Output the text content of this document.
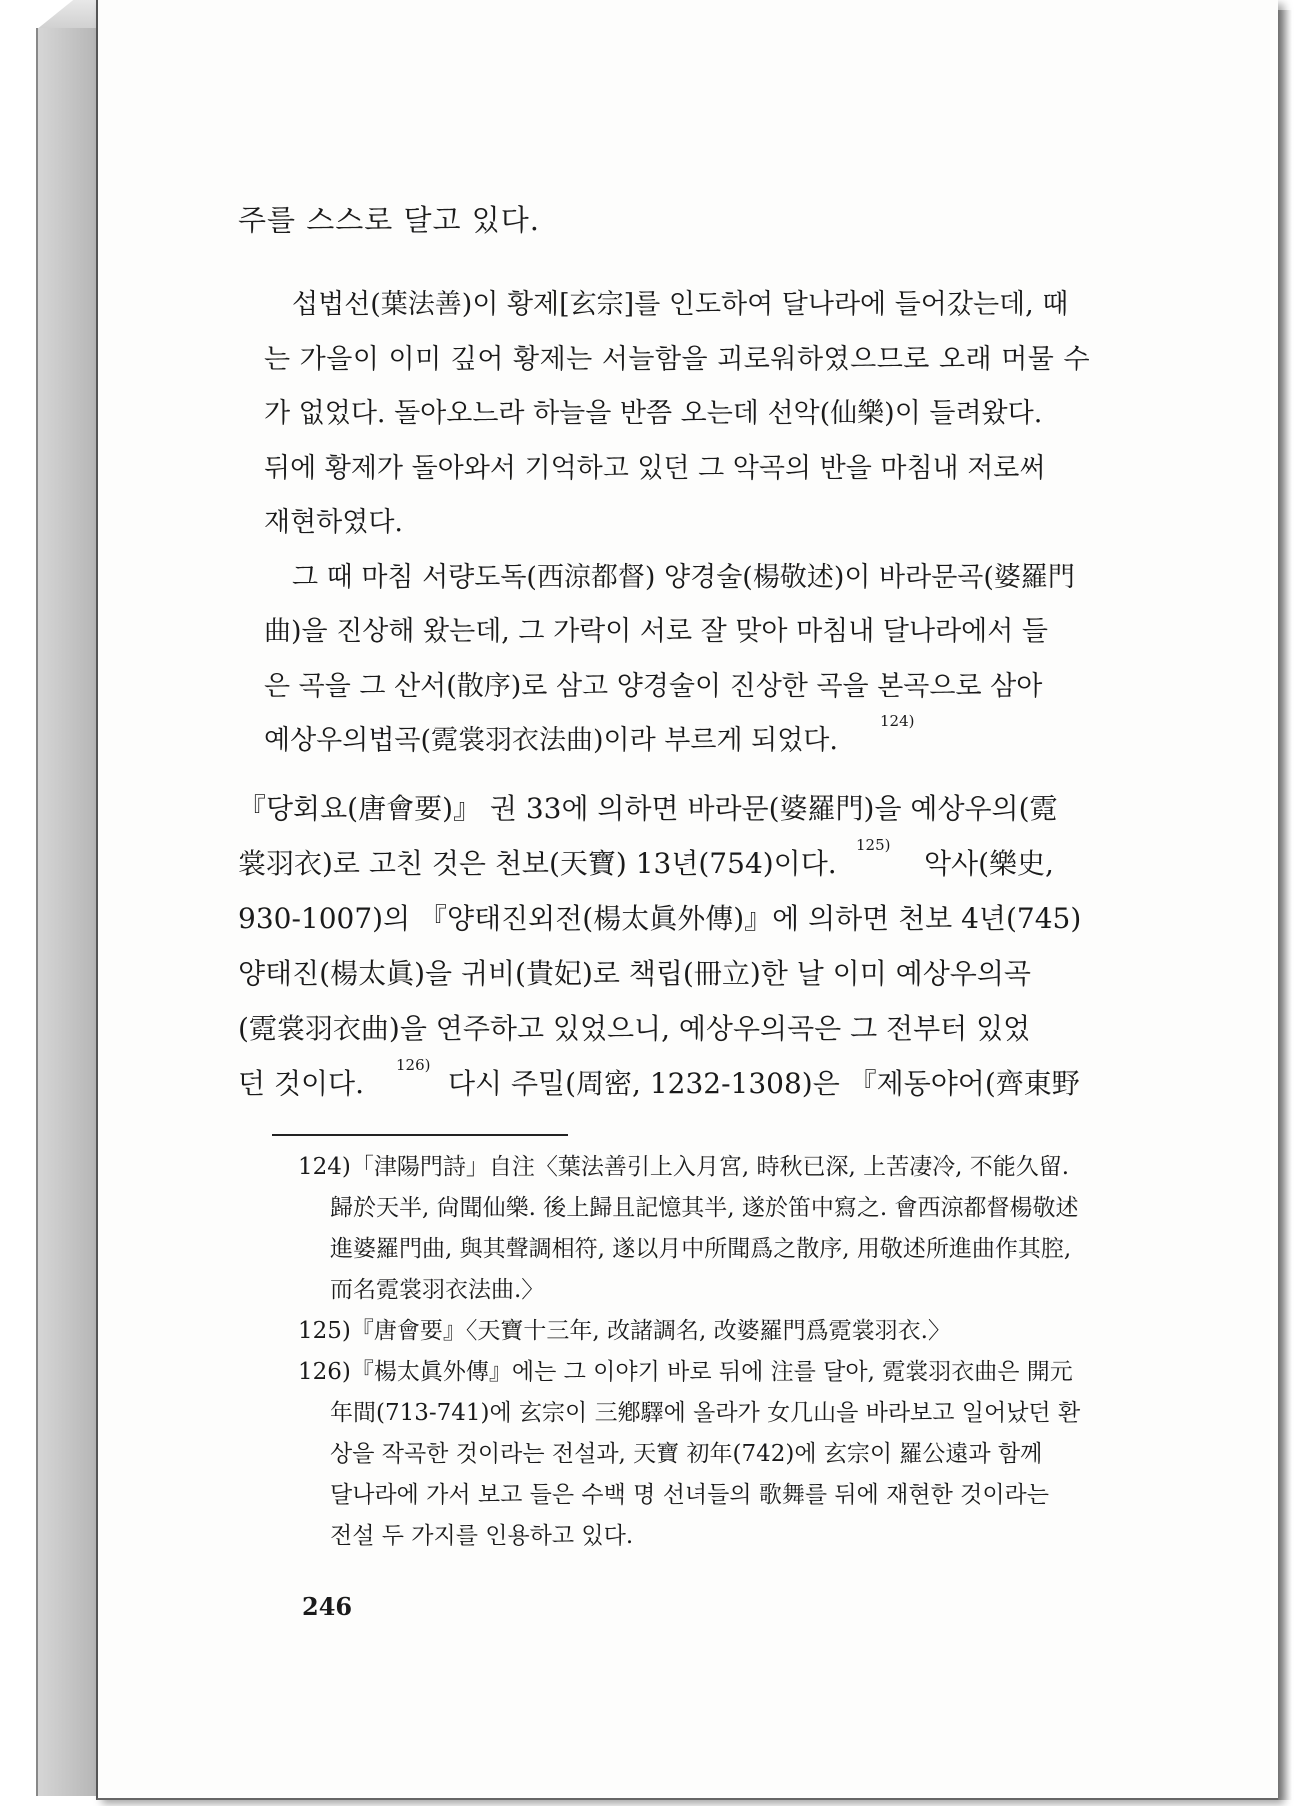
주를 스스로 달고 있다.
섭법선(葉法善)이 황제[玄宗]를 인도하여 달나라에 들어갔는데, 때
는 가을이 이미 깊어 황제는 서늘함을 괴로워하였으므로 오래 머물 수
가 없었다. 돌아오느라 하늘을 반쯤 오는데 선악(仙樂)이 들려왔다.
뒤에 황제가 돌아와서 기억하고 있던 그 악곡의 반을 마침내 저로써
재현하였다.
그 때 마침 서량도독(西涼都督) 양경술(楊敬述)이 바라문곡(婆羅門
曲)을 진상해 왔는데, 그 가락이 서로 잘 맞아 마침내 달나라에서 들
은 곡을 그 산서(散序)로 삼고 양경술이 진상한 곡을 본곡으로 삼아
예상우의법곡(霓裳羽衣法曲)이라 부르게 되었다.
124)
『당회요(唐會要)』 권 33에 의하면 바라문(婆羅門)을 예상우의(霓
裳羽衣)로 고친 것은 천보(天寶) 13년(754)이다.
125)
악사(樂史,
930-1007)의 『양태진외전(楊太眞外傳)』에 의하면 천보 4년(745)
양태진(楊太眞)을 귀비(貴妃)로 책립(冊立)한 날 이미 예상우의곡
(霓裳羽衣曲)을 연주하고 있었으니, 예상우의곡은 그 전부터 있었
던 것이다.
126)
다시 주밀(周密, 1232-1308)은 『제동야어(齊東野
124)「津陽門詩」自注〈葉法善引上入月宮, 時秋已深, 上苦凄冷, 不能久留.
歸於天半, 尙聞仙樂. 後上歸且記憶其半, 遂於笛中寫之. 會西涼都督楊敬述
進婆羅門曲, 與其聲調相符, 遂以月中所聞爲之散序, 用敬述所進曲作其腔,
而名霓裳羽衣法曲.〉
125)『唐會要』〈天寶十三年, 改諸調名, 改婆羅門爲霓裳羽衣.〉
126)『楊太眞外傳』에는 그 이야기 바로 뒤에 注를 달아, 霓裳羽衣曲은 開元
年間(713-741)에 玄宗이 三鄕驛에 올라가 女几山을 바라보고 일어났던 환
상을 작곡한 것이라는 전설과, 天寶 初年(742)에 玄宗이 羅公遠과 함께
달나라에 가서 보고 들은 수백 명 선녀들의 歌舞를 뒤에 재현한 것이라는
전설 두 가지를 인용하고 있다.
246
